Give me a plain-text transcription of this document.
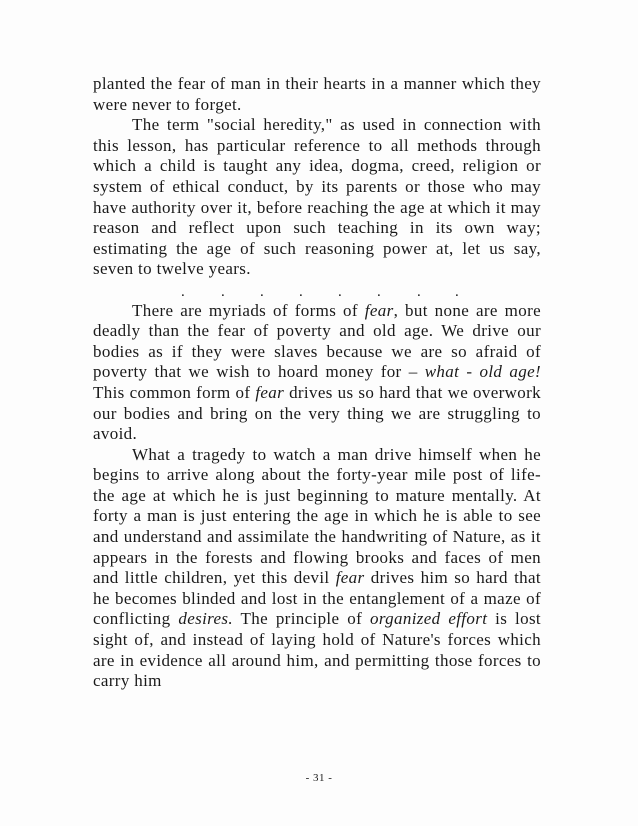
planted the fear of man in their hearts in a manner which they were never to forget.

The term "social heredity," as used in connection with this lesson, has particular reference to all methods through which a child is taught any idea, dogma, creed, religion or system of ethical conduct, by its parents or those who may have authority over it, before reaching the age at which it may reason and reflect upon such teaching in its own way; estimating the age of such reasoning power at, let us say, seven to twelve years.

. . . . . . . .

There are myriads of forms of fear, but none are more deadly than the fear of poverty and old age. We drive our bodies as if they were slaves because we are so afraid of poverty that we wish to hoard money for – what - old age! This common form of fear drives us so hard that we overwork our bodies and bring on the very thing we are struggling to avoid.

What a tragedy to watch a man drive himself when he begins to arrive along about the forty-year mile post of life-the age at which he is just beginning to mature mentally. At forty a man is just entering the age in which he is able to see and understand and assimilate the handwriting of Nature, as it appears in the forests and flowing brooks and faces of men and little children, yet this devil fear drives him so hard that he becomes blinded and lost in the entanglement of a maze of conflicting desires. The principle of organized effort is lost sight of, and instead of laying hold of Nature's forces which are in evidence all around him, and permitting those forces to carry him

- 31 -
